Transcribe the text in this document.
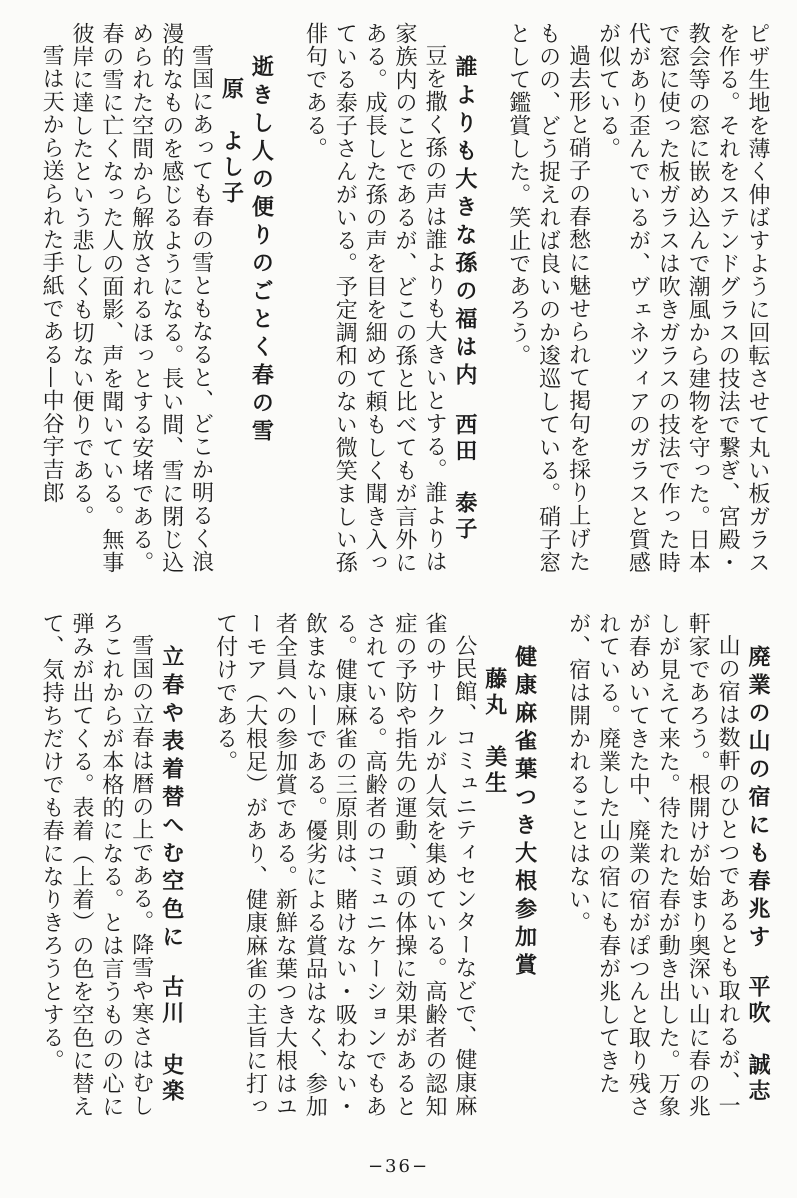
ピザ生地を薄く伸ばすように回転させて丸い板ガラスを作る。それをステンドグラスの技法で繋ぎ、宮殿・教会等の窓に嵌め込んで潮風から建物を守った。日本で窓に使った板ガラスは吹きガラスの技法で作った時代があり歪んでいるが、ヴェネツィアのガラスと質感が似ている。

過去形と硝子の春愁に魅せられて掲句を採り上げたものの、どう捉えれば良いのか逡巡している。硝子窓として鑑賞した。笑止であろう。

誰よりも大きな孫の福は内西田　泰子

豆を撒く孫の声は誰よりも大きいとする。誰よりは家族内のことであるが、どこの孫と比べてもが言外にある。成長した孫の声を目を細めて頼もしく聞き入っている泰子さんがいる。予定調和のない微笑ましい孫俳句である。

逝きし人の便りのごとく春の雪原　よし子

雪国にあっても春の雪ともなると、どこか明るく浪漫的なものを感じるようになる。長い間、雪に閉じ込められた空間から解放されるほっとする安堵である。春の雪に亡くなった人の面影、声を聞いている。無事彼岸に達したという悲しくも切ない便りである。

雪は天から送られた手紙である—中谷宇吉郎

廃業の山の宿にも春兆す平吹　誠志

山の宿は数軒のひとつであるとも取れるが、一軒家であろう。根開けが始まり奥深い山に春の兆しが見えて来た。待たれた春が動き出した。万象が春めいてきた中、廃業の宿がぽつんと取り残されている。廃業した山の宿にも春が兆してきたが、宿は開かれることはない。

健康麻雀葉つき大根参加賞藤丸　美生

公民館、コミュニティセンターなどで、健康麻雀のサークルが人気を集めている。高齢者の認知症の予防や指先の運動、頭の体操に効果があるとされている。高齢者のコミュニケーションでもある。健康麻雀の三原則は、賭けない・吸わない・飲まない—である。優劣による賞品はなく、参加者全員への参加賞である。新鮮な葉つき大根はユーモア（大根足）があり、健康麻雀の主旨に打って付けである。

立春や表着替へむ空色に古川　史楽

雪国の立春は暦の上である。降雪や寒さはむしろこれからが本格的になる。とは言うものの心に弾みが出てくる。表着（上着）の色を空色に替えて、気持ちだけでも春になりきろうとする。

−36−
